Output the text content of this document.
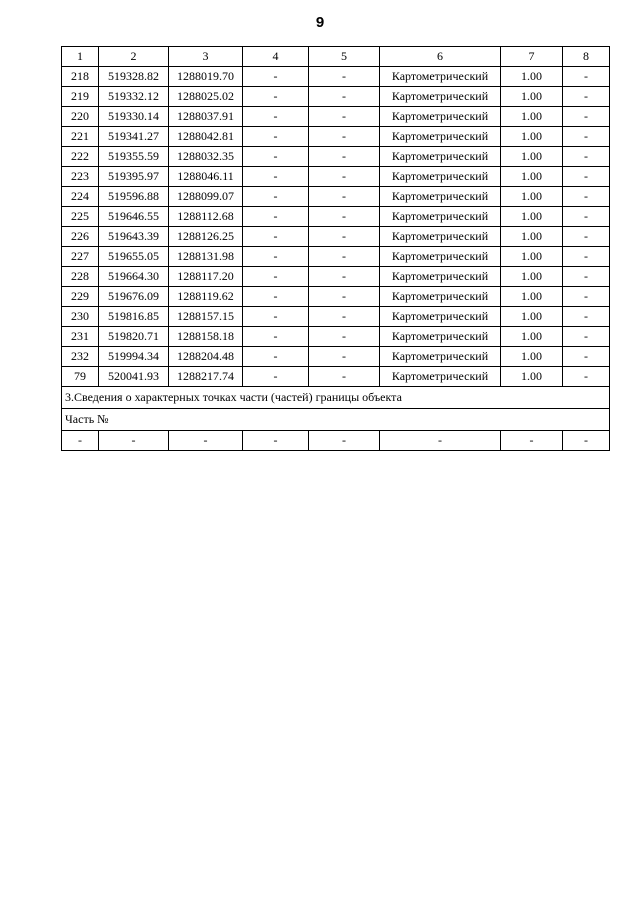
9
1	2	3	4	5	6	7	8
218	519328.82	1288019.70	-	-	Картометрический	1.00	-
219	519332.12	1288025.02	-	-	Картометрический	1.00	-
220	519330.14	1288037.91	-	-	Картометрический	1.00	-
221	519341.27	1288042.81	-	-	Картометрический	1.00	-
222	519355.59	1288032.35	-	-	Картометрический	1.00	-
223	519395.97	1288046.11	-	-	Картометрический	1.00	-
224	519596.88	1288099.07	-	-	Картометрический	1.00	-
225	519646.55	1288112.68	-	-	Картометрический	1.00	-
226	519643.39	1288126.25	-	-	Картометрический	1.00	-
227	519655.05	1288131.98	-	-	Картометрический	1.00	-
228	519664.30	1288117.20	-	-	Картометрический	1.00	-
229	519676.09	1288119.62	-	-	Картометрический	1.00	-
230	519816.85	1288157.15	-	-	Картометрический	1.00	-
231	519820.71	1288158.18	-	-	Картометрический	1.00	-
232	519994.34	1288204.48	-	-	Картометрический	1.00	-
79	520041.93	1288217.74	-	-	Картометрический	1.00	-
3.Сведения о характерных точках части (частей) границы объекта							
Часть №							
-	-	-	-	-	-	-	-
